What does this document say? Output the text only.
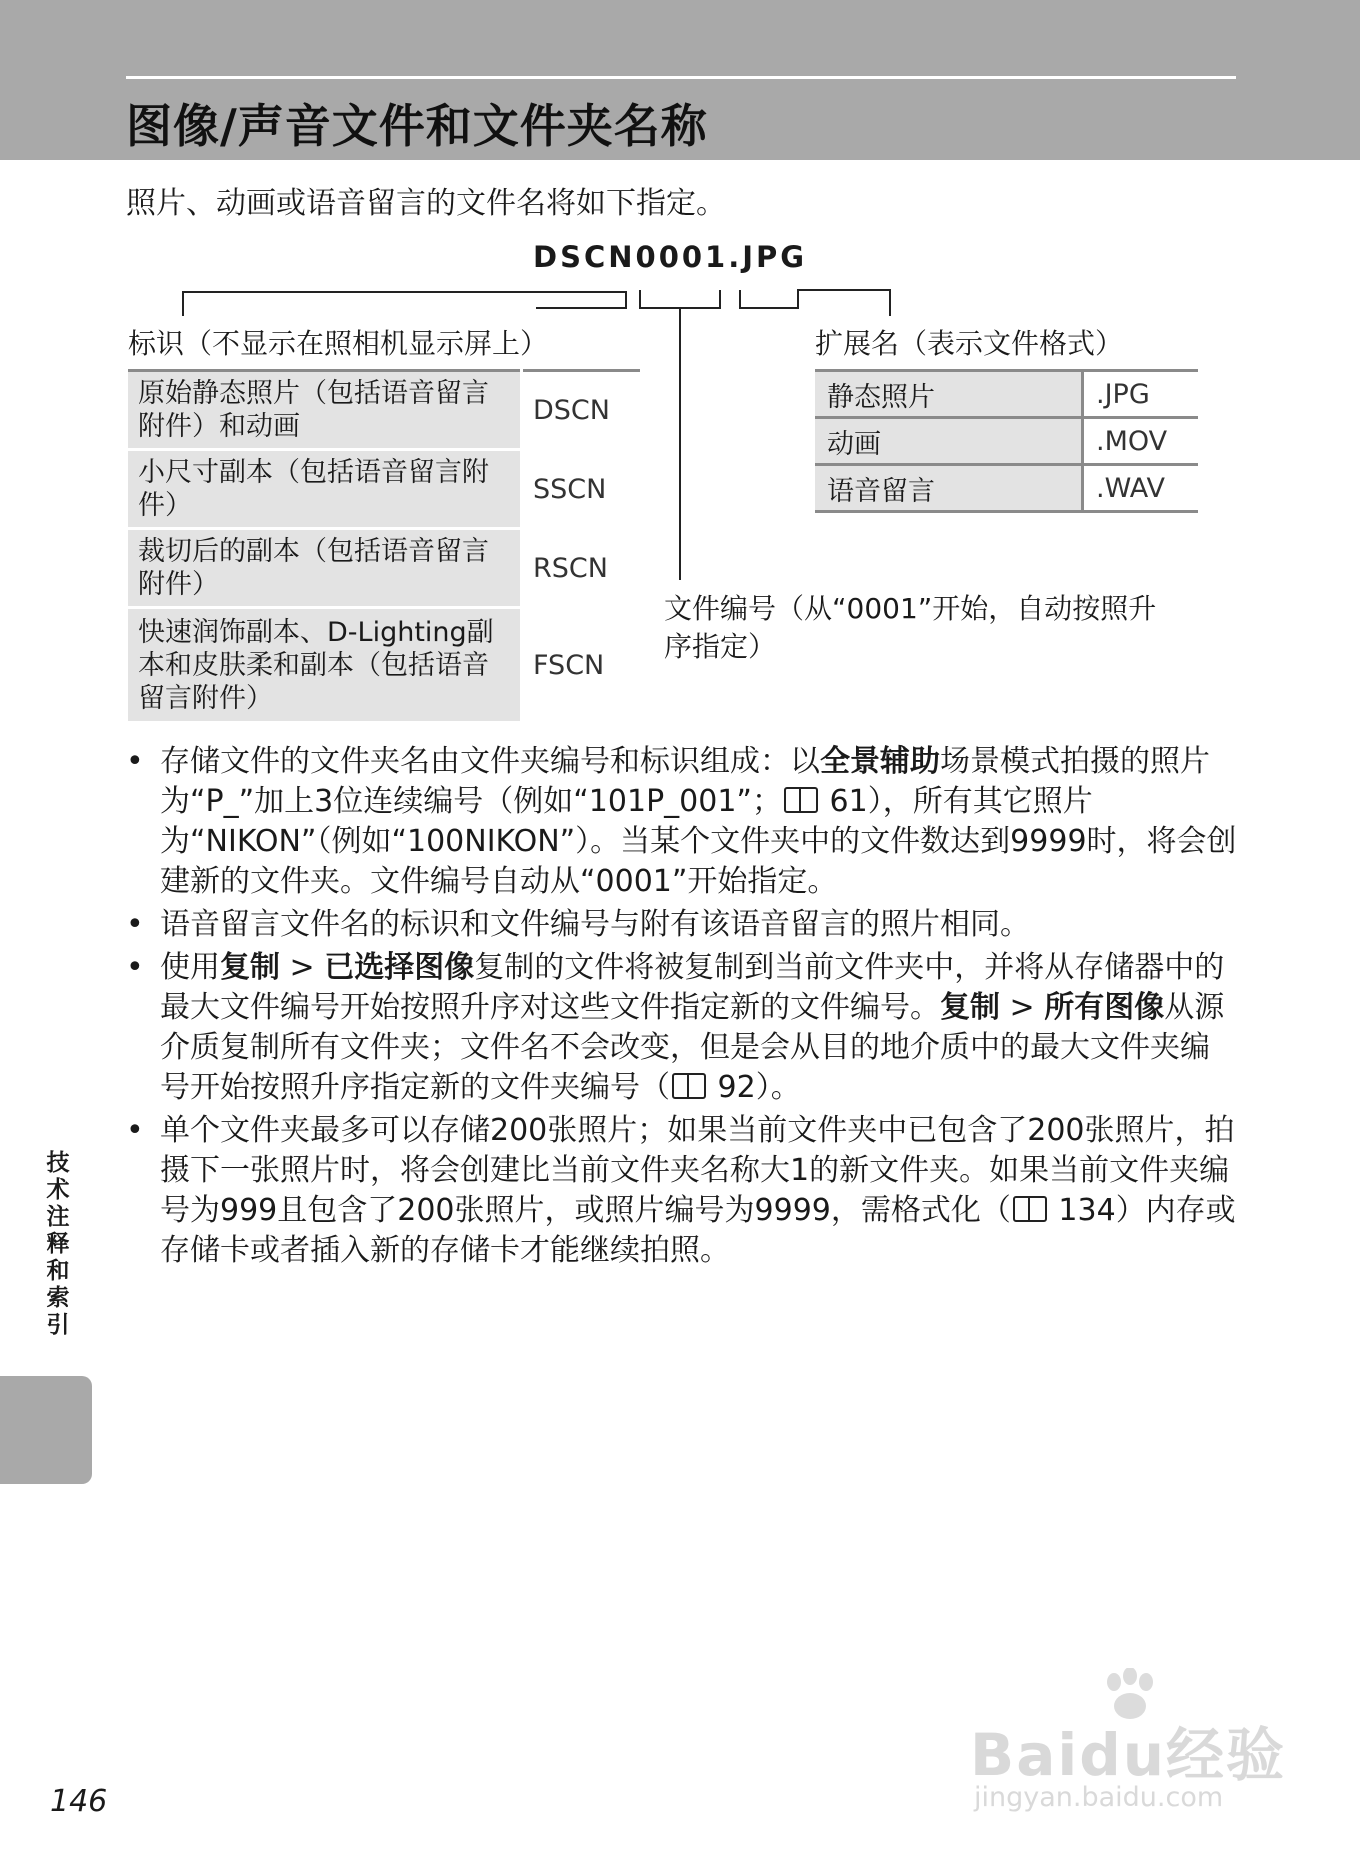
图像/声音文件和文件夹名称
照片、动画或语音留言的文件名将如下指定。
DSCN0001.JPG
标识（不显示在照相机显示屏上）	扩展名（表示文件格式）
文件编号（从“0001”开始，自动按照升序指定）
原始静态照片（包括语音留言附件）和动画	DSCN
小尺寸副本（包括语音留言附件）	SSCN
裁切后的副本（包括语音留言附件）	RSCN
快速润饰副本、D-Lighting副本和皮肤柔和副本（包括语音留言附件）	FSCN
静态照片	.JPG
动画	.MOV
语音留言	.WAV
• 存储文件的文件夹名由文件夹编号和标识组成：以全景辅助场景模式拍摄的照片为“P_”加上3位连续编号（例如“101P_001”； 61），所有其它照片为“NIKON”（例如“100NIKON”）。当某个文件夹中的文件数达到9999时，将会创建新的文件夹。文件编号自动从“0001”开始指定。
• 语音留言文件名的标识和文件编号与附有该语音留言的照片相同。
• 使用复制 > 已选择图像复制的文件将被复制到当前文件夹中，并将从存储器中的最大文件编号开始按照升序对这些文件指定新的文件编号。复制 > 所有图像从源介质复制所有文件夹；文件名不会改变，但是会从目的地介质中的最大文件夹编号开始按照升序指定新的文件夹编号（ 92）。
• 单个文件夹最多可以存储200张照片；如果当前文件夹中已包含了200张照片，拍摄下一张照片时，将会创建比当前文件夹名称大1的新文件夹。如果当前文件夹编号为999且包含了200张照片，或照片编号为9999，需格式化（ 134）内存或存储卡或者插入新的存储卡才能继续拍照。
技术注释和索引
146
Baidu经验
jingyan.baidu.com
